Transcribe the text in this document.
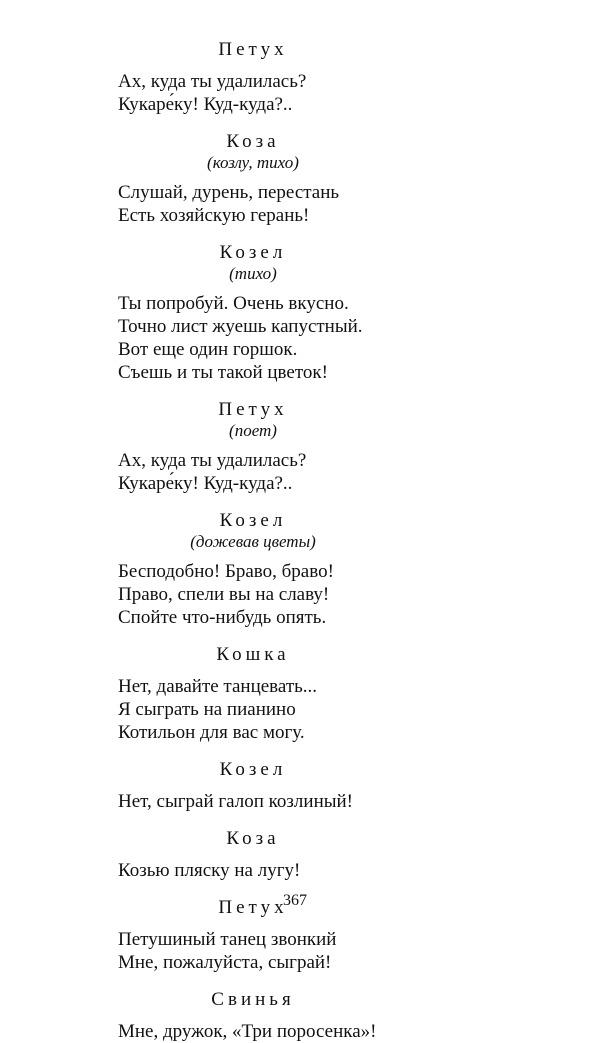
Петух
Ах, куда ты удалилась?
Кукаре́ку! Куд-куда?..
Коза
(козлу, тихо)
Слушай, дурень, перестань
Есть хозяйскую герань!
Козел
(тихо)
Ты попробуй. Очень вкусно.
Точно лист жуешь капустный.
Вот еще один горшок.
Съешь и ты такой цветок!
Петух
(поет)
Ах, куда ты удалилась?
Кукаре́ку! Куд-куда?..
Козел
(дожевав цветы)
Бесподобно! Браво, браво!
Право, спели вы на славу!
Спойте что-нибудь опять.
Кошка
Нет, давайте танцевать...
Я сыграть на пианино
Котильон для вас могу.
Козел
Нет, сыграй галоп козлиный!
Коза
Козью пляску на лугу!
Петух
Петушиный танец звонкий
Мне, пожалуйста, сыграй!
Свинья
Мне, дружок, «Три поросенка»!
367
